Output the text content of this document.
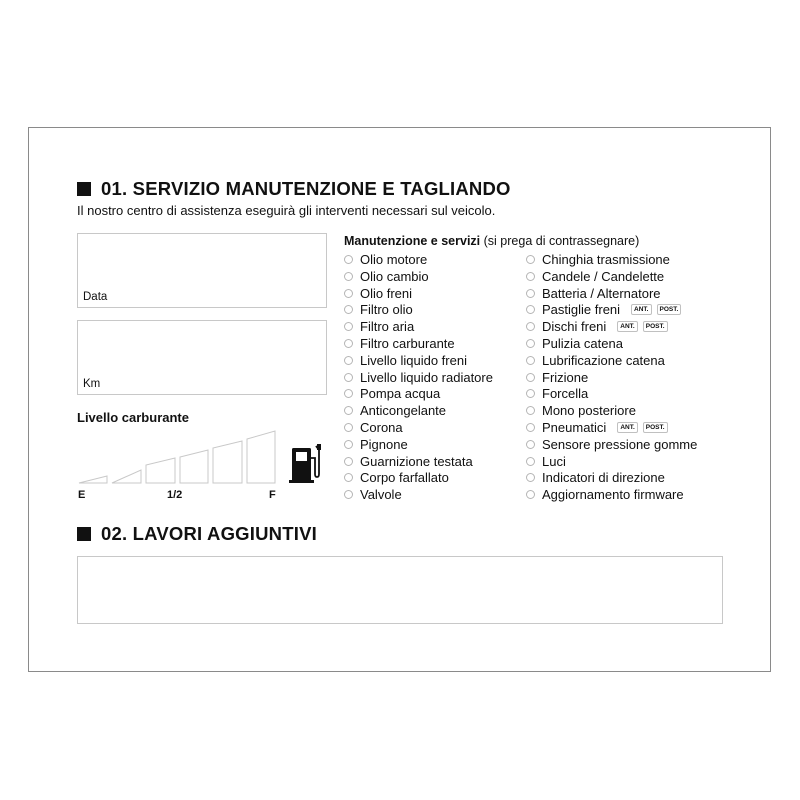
01. SERVIZIO MANUTENZIONE E TAGLIANDO
Il nostro centro di assistenza eseguirà gli interventi necessari sul veicolo.
Data
Km
Livello carburante
E	1/2	F
Manutenzione e servizi (si prega di contrassegnare)
Olio motore
Olio cambio
Olio freni
Filtro olio
Filtro aria
Filtro carburante
Livello liquido freni
Livello liquido radiatore
Pompa acqua
Anticongelante
Corona
Pignone
Guarnizione testata
Corpo farfallato
Valvole
Chinghia trasmissione
Candele / Candelette
Batteria / Alternatore
Pastiglie freni	ANT.	POST.
Dischi freni	ANT.	POST.
Pulizia catena
Lubrificazione catena
Frizione
Forcella
Mono posteriore
Pneumatici	ANT.	POST.
Sensore pressione gomme
Luci
Indicatori di direzione
Aggiornamento firmware
02. LAVORI AGGIUNTIVI
